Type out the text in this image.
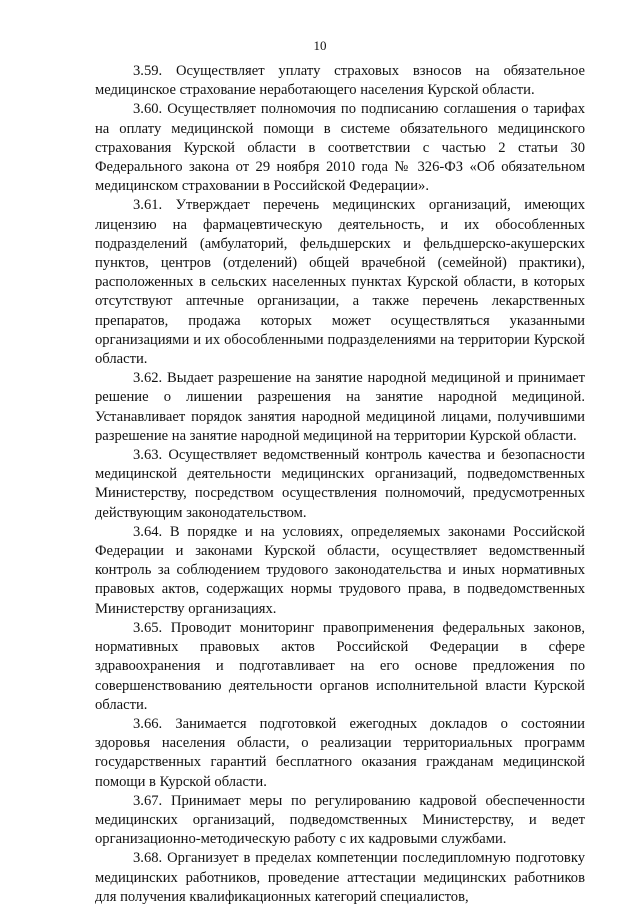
10

3.59. Осуществляет уплату страховых взносов на обязательное медицинское страхование неработающего населения Курской области.

3.60. Осуществляет полномочия по подписанию соглашения о тарифах на оплату медицинской помощи в системе обязательного медицинского страхования Курской области в соответствии с частью 2 статьи 30 Федерального закона от 29 ноября 2010 года № 326-ФЗ «Об обязательном медицинском страховании в Российской Федерации».

3.61. Утверждает перечень медицинских организаций, имеющих лицензию на фармацевтическую деятельность, и их обособленных подразделений (амбулаторий, фельдшерских и фельдшерско-акушерских пунктов, центров (отделений) общей врачебной (семейной) практики), расположенных в сельских населенных пунктах Курской области, в которых отсутствуют аптечные организации, а также перечень лекарственных препаратов, продажа которых может осуществляться указанными организациями и их обособленными подразделениями на территории Курской области.

3.62. Выдает разрешение на занятие народной медициной и принимает решение о лишении разрешения на занятие народной медициной. Устанавливает порядок занятия народной медициной лицами, получившими разрешение на занятие народной медициной на территории Курской области.

3.63. Осуществляет ведомственный контроль качества и безопасности медицинской деятельности медицинских организаций, подведомственных Министерству, посредством осуществления полномочий, предусмотренных действующим законодательством.

3.64. В порядке и на условиях, определяемых законами Российской Федерации и законами Курской области, осуществляет ведомственный контроль за соблюдением трудового законодательства и иных нормативных правовых актов, содержащих нормы трудового права, в подведомственных Министерству организациях.

3.65. Проводит мониторинг правоприменения федеральных законов, нормативных правовых актов Российской Федерации в сфере здравоохранения и подготавливает на его основе предложения по совершенствованию деятельности органов исполнительной власти Курской области.

3.66. Занимается подготовкой ежегодных докладов о состоянии здоровья населения области, о реализации территориальных программ государственных гарантий бесплатного оказания гражданам медицинской помощи в Курской области.

3.67. Принимает меры по регулированию кадровой обеспеченности медицинских организаций, подведомственных Министерству, и ведет организационно-методическую работу с их кадровыми службами.

3.68. Организует в пределах компетенции последипломную подготовку медицинских работников, проведение аттестации медицинских работников для получения квалификационных категорий специалистов,
